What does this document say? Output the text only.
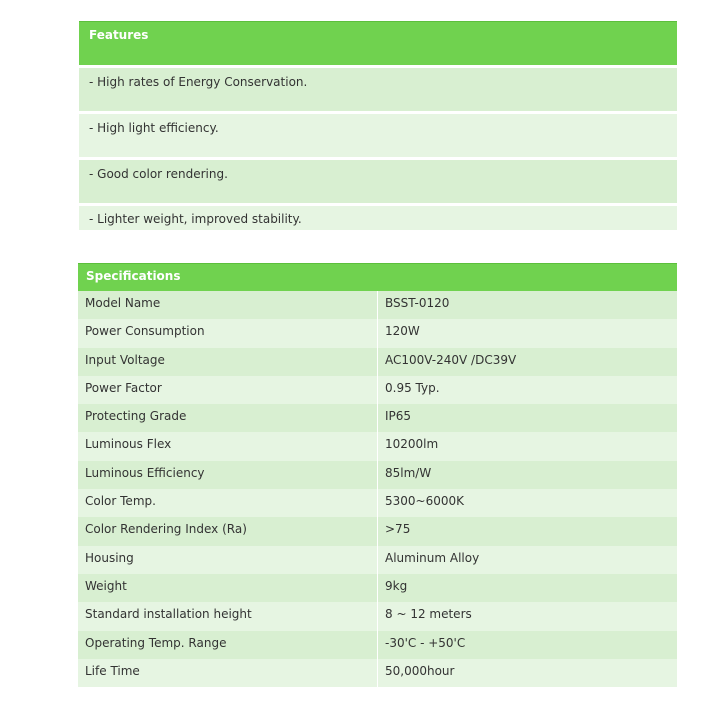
Features
- High rates of Energy Conservation.
- High light efficiency.
- Good color rendering.
- Lighter weight, improved stability.
Specifications
Model Name	BSST-0120
Power Consumption	120W
Input Voltage	AC100V-240V /DC39V
Power Factor	0.95 Typ.
Protecting Grade	IP65
Luminous Flex	10200lm
Luminous Efficiency	85lm/W
Color Temp.	5300~6000K
Color Rendering Index (Ra)	>75
Housing	Aluminum Alloy
Weight	9kg
Standard installation height	8 ~ 12 meters
Operating Temp. Range	-30'C - +50'C
Life Time	50,000hour
